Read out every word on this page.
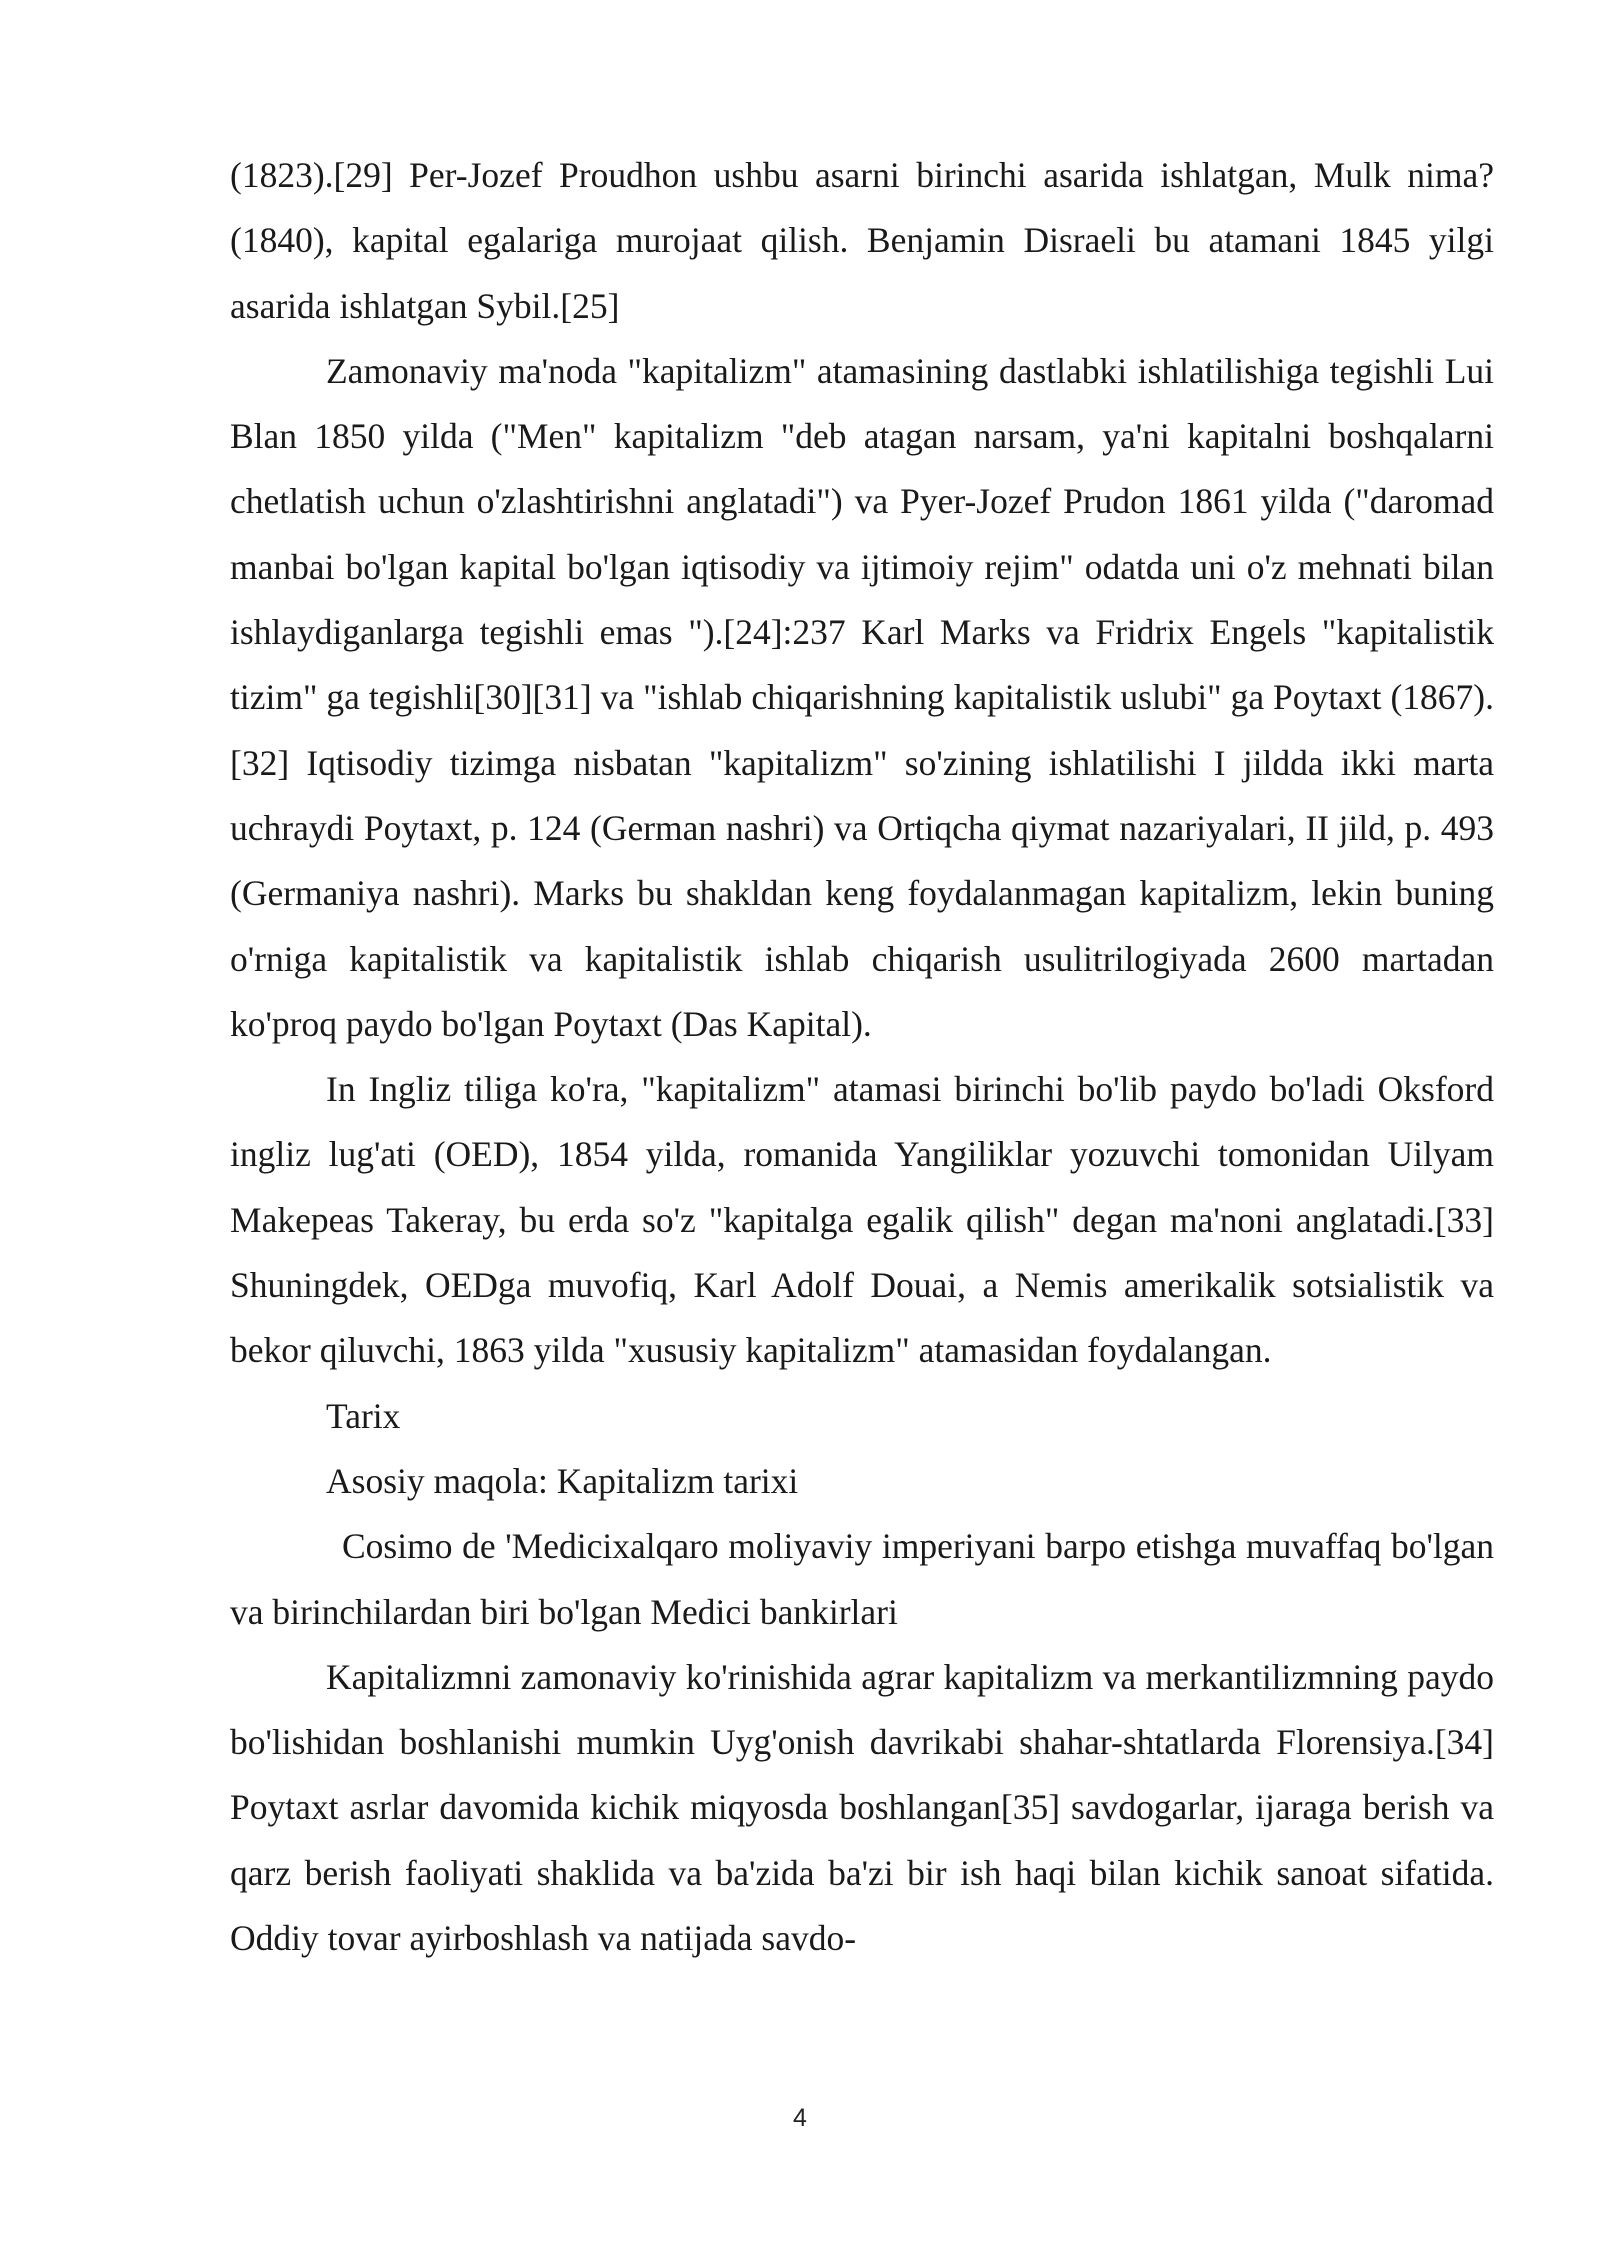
(1823).[29] Per-Jozef Proudhon ushbu asarni birinchi asarida ishlatgan, Mulk nima? (1840), kapital egalariga murojaat qilish. Benjamin Disraeli bu atamani 1845 yilgi asarida ishlatgan Sybil.[25]

Zamonaviy ma'noda "kapitalizm" atamasining dastlabki ishlatilishiga tegishli Lui Blan 1850 yilda ("Men" kapitalizm "deb atagan narsam, ya'ni kapitalni boshqalarni chetlatish uchun o'zlashtirishni anglatadi") va Pyer-Jozef Prudon 1861 yilda ("daromad manbai bo'lgan kapital bo'lgan iqtisodiy va ijtimoiy rejim" odatda uni o'z mehnati bilan ishlaydiganlarga tegishli emas ").[24]:237 Karl Marks va Fridrix Engels "kapitalistik tizim" ga tegishli[30][31] va "ishlab chiqarishning kapitalistik uslubi" ga Poytaxt (1867).[32] Iqtisodiy tizimga nisbatan "kapitalizm" so'zining ishlatilishi I jildda ikki marta uchraydi Poytaxt, p. 124 (German nashri) va Ortiqcha qiymat nazariyalari, II jild, p. 493 (Germaniya nashri). Marks bu shakldan keng foydalanmagan kapitalizm, lekin buning o'rniga kapitalistik va kapitalistik ishlab chiqarish usulitrilogiyada 2600 martadan ko'proq paydo bo'lgan Poytaxt (Das Kapital).

In Ingliz tiliga ko'ra, "kapitalizm" atamasi birinchi bo'lib paydo bo'ladi Oksford ingliz lug'ati (OED), 1854 yilda, romanida Yangiliklar yozuvchi tomonidan Uilyam Makepeas Takeray, bu erda so'z "kapitalga egalik qilish" degan ma'noni anglatadi.[33] Shuningdek, OEDga muvofiq, Karl Adolf Douai, a Nemis amerikalik sotsialistik va bekor qiluvchi, 1863 yilda "xususiy kapitalizm" atamasidan foydalangan.

Tarix

Asosiy maqola: Kapitalizm tarixi

Cosimo de 'Medicixalqaro moliyaviy imperiyani barpo etishga muvaffaq bo'lgan va birinchilardan biri bo'lgan Medici bankirlari

Kapitalizmni zamonaviy ko'rinishida agrar kapitalizm va merkantilizmning paydo bo'lishidan boshlanishi mumkin Uyg'onish davrikabi shahar-shtatlarda Florensiya.[34] Poytaxt asrlar davomida kichik miqyosda boshlangan[35] savdogarlar, ijaraga berish va qarz berish faoliyati shaklida va ba'zida ba'zi bir ish haqi bilan kichik sanoat sifatida. Oddiy tovar ayirboshlash va natijada savdo-

4
